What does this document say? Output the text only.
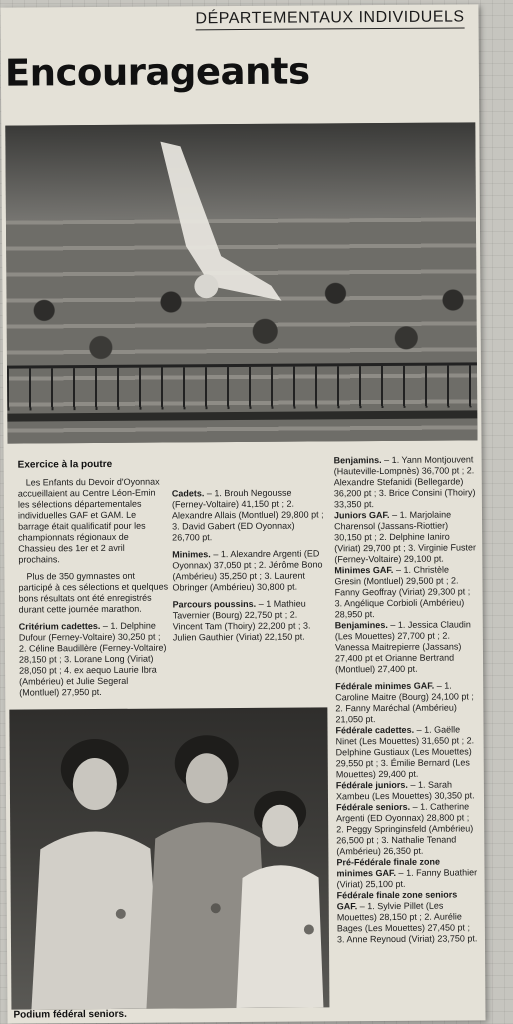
DÉPARTEMENTAUX INDIVIDUELS
Encourageants
Exercice à la poutre

Les Enfants du Devoir d'Oyonnax accueillaient au Centre Léon-Emin les sélections départementales individuelles GAF et GAM. Le barrage était qualificatif pour les championnats régionaux de Chassieu des 1er et 2 avril prochains.

Plus de 350 gymnastes ont participé à ces sélections et quelques bons résultats ont été enregistrés durant cette journée marathon.

Critérium cadettes. – 1. Delphine Dufour (Ferney-Voltaire) 30,250 pt ; 2. Céline Baudillère (Ferney-Voltaire) 28,150 pt ; 3. Lorane Long (Viriat) 28,050 pt ; 4. ex aequo Laurie Ibra (Ambérieu) et Julie Segeral (Montluel) 27,950 pt.

Cadets. – 1. Brouh Negousse (Ferney-Voltaire) 41,150 pt ; 2. Alexandre Allais (Montluel) 29,800 pt ; 3. David Gabert (ED Oyonnax) 26,700 pt.

Minimes. – 1. Alexandre Argenti (ED Oyonnax) 37,050 pt ; 2. Jérôme Bono (Ambérieu) 35,250 pt ; 3. Laurent Obringer (Ambérieu) 30,800 pt.

Parcours poussins. – 1 Mathieu Tavernier (Bourg) 22,750 pt ; 2. Vincent Tam (Thoiry) 22,200 pt ; 3. Julien Gauthier (Viriat) 22,150 pt.

Benjamins. – 1. Yann Montjouvent (Hauteville-Lompnès) 36,700 pt ; 2. Alexandre Stefanidi (Bellegarde) 36,200 pt ; 3. Brice Consini (Thoiry) 33,350 pt.

Juniors GAF. – 1. Marjolaine Charensol (Jassans-Riottier) 30,150 pt ; 2. Delphine Ianiro (Viriat) 29,700 pt ; 3. Virginie Fuster (Ferney-Voltaire) 29,100 pt.

Minimes GAF. – 1. Christèle Gresin (Montluel) 29,500 pt ; 2. Fanny Geoffray (Viriat) 29,300 pt ; 3. Angélique Corbioli (Ambérieu) 28,950 pt.

Benjamines. – 1. Jessica Claudin (Les Mouettes) 27,700 pt ; 2. Vanessa Maitrepierre (Jassans) 27,400 pt et Orianne Bertrand (Montluel) 27,400 pt.

Fédérale minimes GAF. – 1. Caroline Maitre (Bourg) 24,100 pt ; 2. Fanny Maréchal (Ambérieu) 21,050 pt.

Fédérale cadettes. – 1. Gaëlle Ninet (Les Mouettes) 31,650 pt ; 2. Delphine Gustiaux (Les Mouettes) 29,550 pt ; 3. Émilie Bernard (Les Mouettes) 29,400 pt.

Fédérale juniors. – 1. Sarah Xambeu (Les Mouettes) 30,350 pt.

Fédérale seniors. – 1. Catherine Argenti (ED Oyonnax) 28,800 pt ; 2. Peggy Springinsfeld (Ambérieu) 26,500 pt ; 3. Nathalie Tenand (Ambérieu) 26,350 pt.

Pré-Fédérale finale zone minimes GAF. – 1. Fanny Buathier (Viriat) 25,100 pt.

Fédérale finale zone seniors GAF. – 1. Sylvie Pillet (Les Mouettes) 28,150 pt ; 2. Aurélie Bages (Les Mouettes) 27,450 pt ; 3. Anne Reynoud (Viriat) 23,750 pt.

Podium fédéral seniors.
